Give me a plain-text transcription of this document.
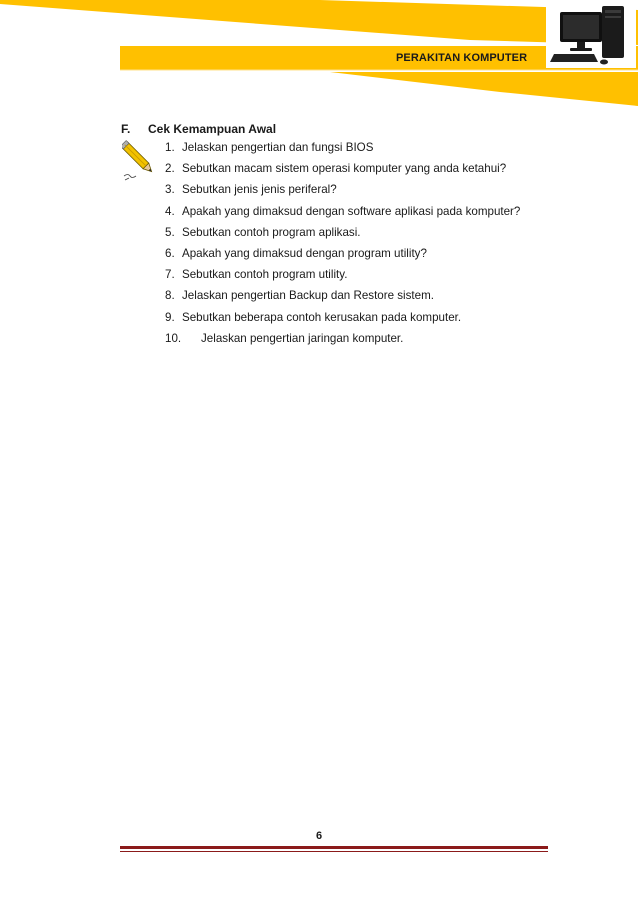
PERAKITAN KOMPUTER
F. Cek Kemampuan Awal
1. Jelaskan pengertian dan fungsi BIOS
2. Sebutkan macam sistem operasi komputer yang anda ketahui?
3. Sebutkan jenis jenis periferal?
4. Apakah yang dimaksud dengan software aplikasi pada komputer?
5. Sebutkan contoh program aplikasi.
6. Apakah yang dimaksud dengan program utility?
7. Sebutkan contoh program utility.
8. Jelaskan pengertian Backup dan Restore sistem.
9. Sebutkan beberapa contoh kerusakan pada komputer.
10. Jelaskan pengertian jaringan komputer.
6
